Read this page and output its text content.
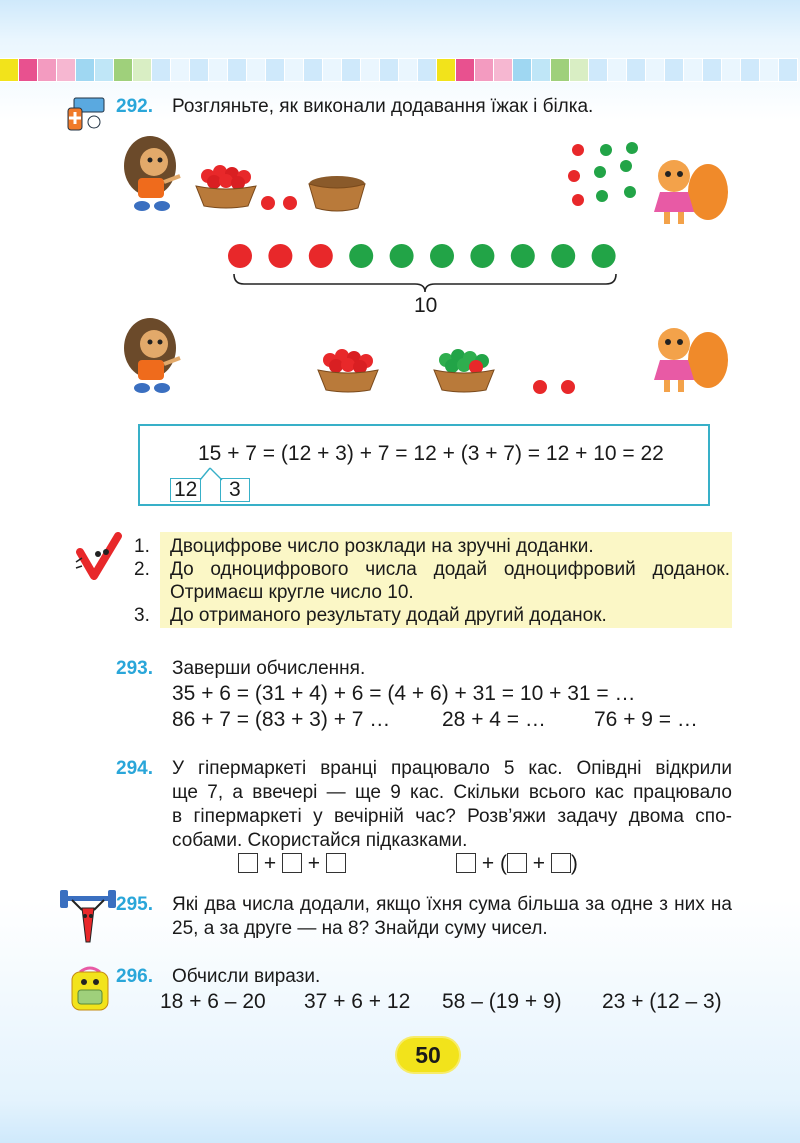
292. Розгляньте, як виконали додавання їжак і білка.
10
15 + 7 = (12 + 3) + 7 = 12 + (3 + 7) = 12 + 10 = 22
12	3
1. Двоцифрове число розклади на зручні доданки.
2. До одноцифрового числа додай одноцифровий доданок.
Отримаєш кругле число 10.
3. До отриманого результату додай другий доданок.
293. Заверши обчислення.
35 + 6 = (31 + 4) + 6 = (4 + 6) + 31 = 10 + 31 = …
86 + 7 = (83 + 3) + 7 … 28 + 4 = … 76 + 9 = …
294. У гіпермаркеті вранці працювало 5 кас. Опівдні відкрили
ще 7, а ввечері — ще 9 кас. Скільки всього кас працювало
в гіпермаркеті у вечірній час? Розв’яжи задачу двома спо-
собами. Скористайся підказками.
+ +	+ ( + )
295. Які два числа додали, якщо їхня сума більша за одне з них на
25, а за друге — на 8? Знайди суму чисел.
296. Обчисли вирази.
18 + 6 – 20 37 + 6 + 12 58 – (19 + 9) 23 + (12 – 3)
50
